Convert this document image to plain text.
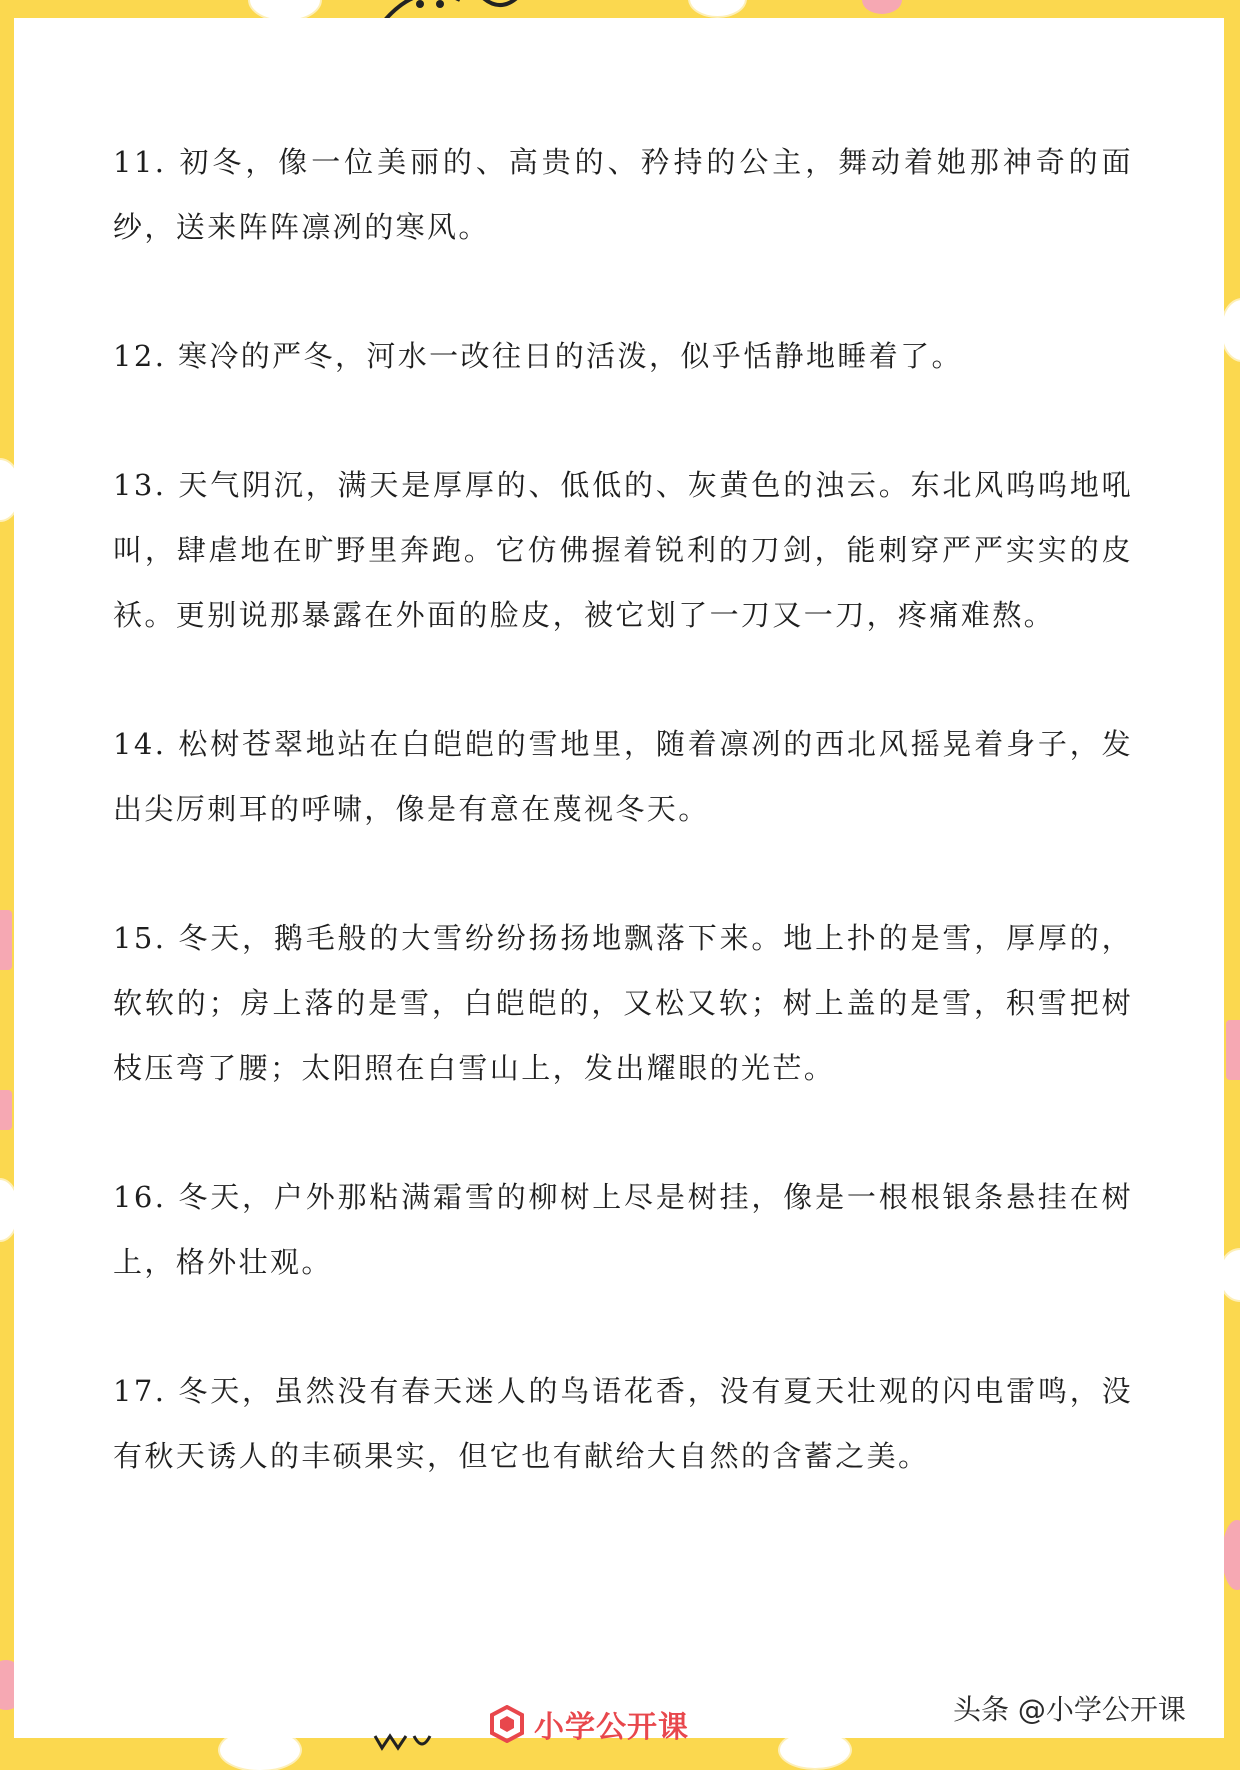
11. 初冬，像一位美丽的、高贵的、矜持的公主，舞动着她那神奇的面纱，送来阵阵凛冽的寒风。

12. 寒冷的严冬，河水一改往日的活泼，似乎恬静地睡着了。

13. 天气阴沉，满天是厚厚的、低低的、灰黄色的浊云。东北风呜呜地吼叫，肆虐地在旷野里奔跑。它仿佛握着锐利的刀剑，能刺穿严严实实的皮袄。更别说那暴露在外面的脸皮，被它划了一刀又一刀，疼痛难熬。

14. 松树苍翠地站在白皑皑的雪地里，随着凛冽的西北风摇晃着身子，发出尖厉刺耳的呼啸，像是有意在蔑视冬天。

15. 冬天，鹅毛般的大雪纷纷扬扬地飘落下来。地上扑的是雪，厚厚的，软软的；房上落的是雪，白皑皑的，又松又软；树上盖的是雪，积雪把树枝压弯了腰；太阳照在白雪山上，发出耀眼的光芒。

16. 冬天，户外那粘满霜雪的柳树上尽是树挂，像是一根根银条悬挂在树上，格外壮观。

17. 冬天，虽然没有春天迷人的鸟语花香，没有夏天壮观的闪电雷鸣，没有秋天诱人的丰硕果实，但它也有献给大自然的含蓄之美。

小学公开课
头条 @小学公开课
